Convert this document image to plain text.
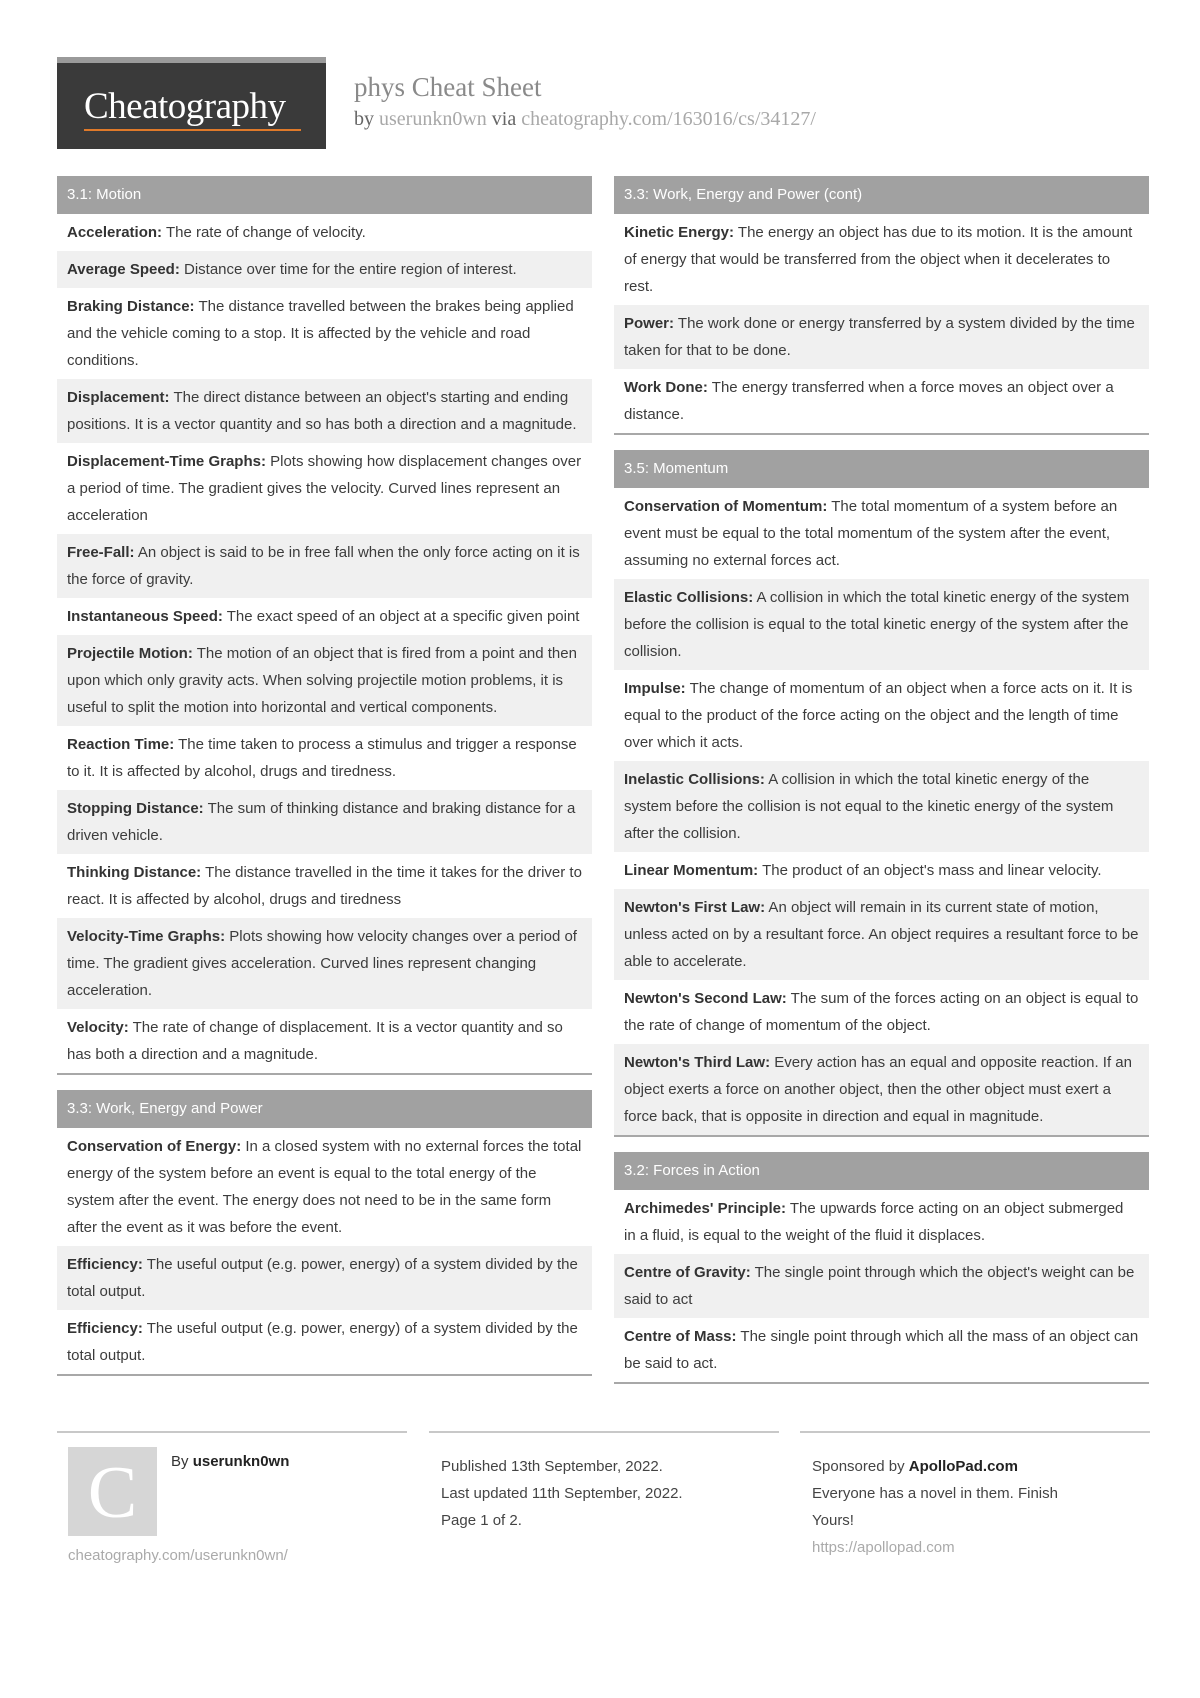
Cheatography	phys Cheat Sheet
by userunkn0wn via cheatography.com/163016/cs/34127/
3.1: Motion
Acceleration: The rate of change of velocity.
Average Speed: Distance over time for the entire region of interest.
Braking Distance: The distance travelled between the brakes being applied and the vehicle coming to a stop. It is affected by the vehicle and road conditions.
Displacement: The direct distance between an object's starting and ending positions. It is a vector quantity and so has both a direction and a magnitude.
Displacement-Time Graphs: Plots showing how displacement changes over a period of time. The gradient gives the velocity. Curved lines represent an acceleration
Free-Fall: An object is said to be in free fall when the only force acting on it is the force of gravity.
Instantaneous Speed: The exact speed of an object at a specific given point
Projectile Motion: The motion of an object that is fired from a point and then upon which only gravity acts. When solving projectile motion problems, it is useful to split the motion into horizontal and vertical components.
Reaction Time: The time taken to process a stimulus and trigger a response to it. It is affected by alcohol, drugs and tiredness.
Stopping Distance: The sum of thinking distance and braking distance for a driven vehicle.
Thinking Distance: The distance travelled in the time it takes for the driver to react. It is affected by alcohol, drugs and tiredness
Velocity-Time Graphs: Plots showing how velocity changes over a period of time. The gradient gives acceleration. Curved lines represent changing acceleration.
Velocity: The rate of change of displacement. It is a vector quantity and so has both a direction and a magnitude.
3.3: Work, Energy and Power
Conservation of Energy: In a closed system with no external forces the total energy of the system before an event is equal to the total energy of the system after the event. The energy does not need to be in the same form after the event as it was before the event.
Efficiency: The useful output (e.g. power, energy) of a system divided by the total output.
Efficiency: The useful output (e.g. power, energy) of a system divided by the total output.
3.3: Work, Energy and Power (cont)
Kinetic Energy: The energy an object has due to its motion. It is the amount of energy that would be transferred from the object when it decelerates to rest.
Power: The work done or energy transferred by a system divided by the time taken for that to be done.
Work Done: The energy transferred when a force moves an object over a distance.
3.5: Momentum
Conservation of Momentum: The total momentum of a system before an event must be equal to the total momentum of the system after the event, assuming no external forces act.
Elastic Collisions: A collision in which the total kinetic energy of the system before the collision is equal to the total kinetic energy of the system after the collision.
Impulse: The change of momentum of an object when a force acts on it. It is equal to the product of the force acting on the object and the length of time over which it acts.
Inelastic Collisions: A collision in which the total kinetic energy of the system before the collision is not equal to the kinetic energy of the system after the collision.
Linear Momentum: The product of an object's mass and linear velocity.
Newton's First Law: An object will remain in its current state of motion, unless acted on by a resultant force. An object requires a resultant force to be able to accelerate.
Newton's Second Law: The sum of the forces acting on an object is equal to the rate of change of momentum of the object.
Newton's Third Law: Every action has an equal and opposite reaction. If an object exerts a force on another object, then the other object must exert a force back, that is opposite in direction and equal in magnitude.
3.2: Forces in Action
Archimedes' Principle: The upwards force acting on an object submerged in a fluid, is equal to the weight of the fluid it displaces.
Centre of Gravity: The single point through which the object's weight can be said to act
Centre of Mass: The single point through which all the mass of an object can be said to act.
C	By userunkn0wn
cheatography.com/userunkn0wn/
Published 13th September, 2022.
Last updated 11th September, 2022.
Page 1 of 2.
Sponsored by ApolloPad.com
Everyone has a novel in them. Finish
Yours!
https://apollopad.com
